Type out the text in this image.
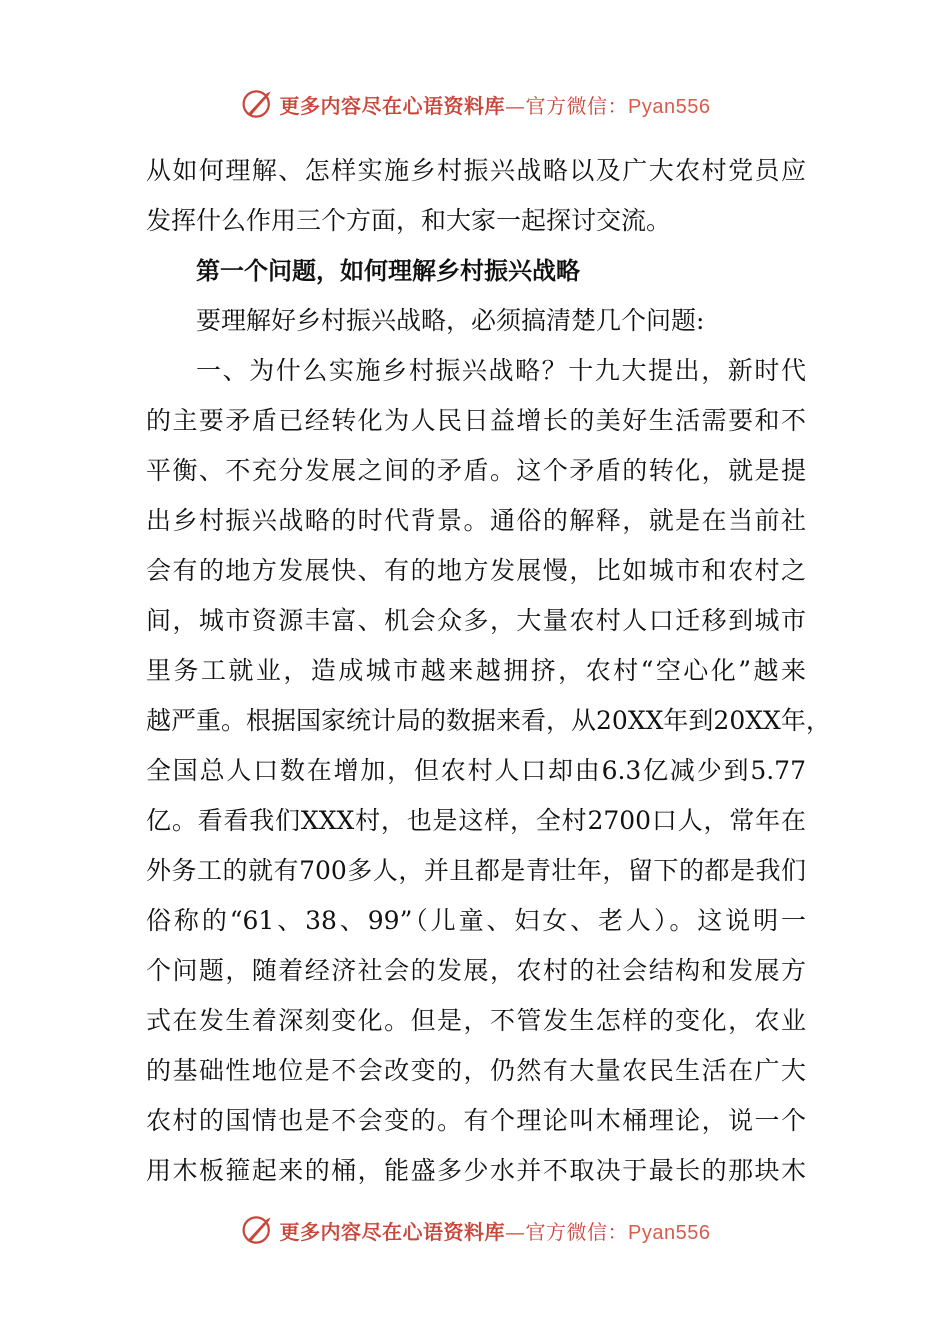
更多内容尽在心语资料库—官方微信：Pyan556
从如何理解、怎样实施乡村振兴战略以及广大农村党员应
发挥什么作用三个方面，和大家一起探讨交流。
第一个问题，如何理解乡村振兴战略
要理解好乡村振兴战略，必须搞清楚几个问题:
一、为什么实施乡村振兴战略？十九大提出，新时代
的主要矛盾已经转化为人民日益增长的美好生活需要和不
平衡、不充分发展之间的矛盾。这个矛盾的转化，就是提
出乡村振兴战略的时代背景。通俗的解释，就是在当前社
会有的地方发展快、有的地方发展慢，比如城市和农村之
间，城市资源丰富、机会众多，大量农村人口迁移到城市
里务工就业，造成城市越来越拥挤，农村“空心化”越来
越严重。根据国家统计局的数据来看，从20XX年到20XX年，
全国总人口数在增加，但农村人口却由6.3亿减少到5.77
亿。看看我们XXX村，也是这样，全村2700口人，常年在
外务工的就有700多人，并且都是青壮年，留下的都是我们
俗称的“61、38、99”（儿童、妇女、老人）。这说明一
个问题，随着经济社会的发展，农村的社会结构和发展方
式在发生着深刻变化。但是，不管发生怎样的变化，农业
的基础性地位是不会改变的，仍然有大量农民生活在广大
农村的国情也是不会变的。有个理论叫木桶理论，说一个
用木板箍起来的桶，能盛多少水并不取决于最长的那块木
更多内容尽在心语资料库—官方微信：Pyan556
